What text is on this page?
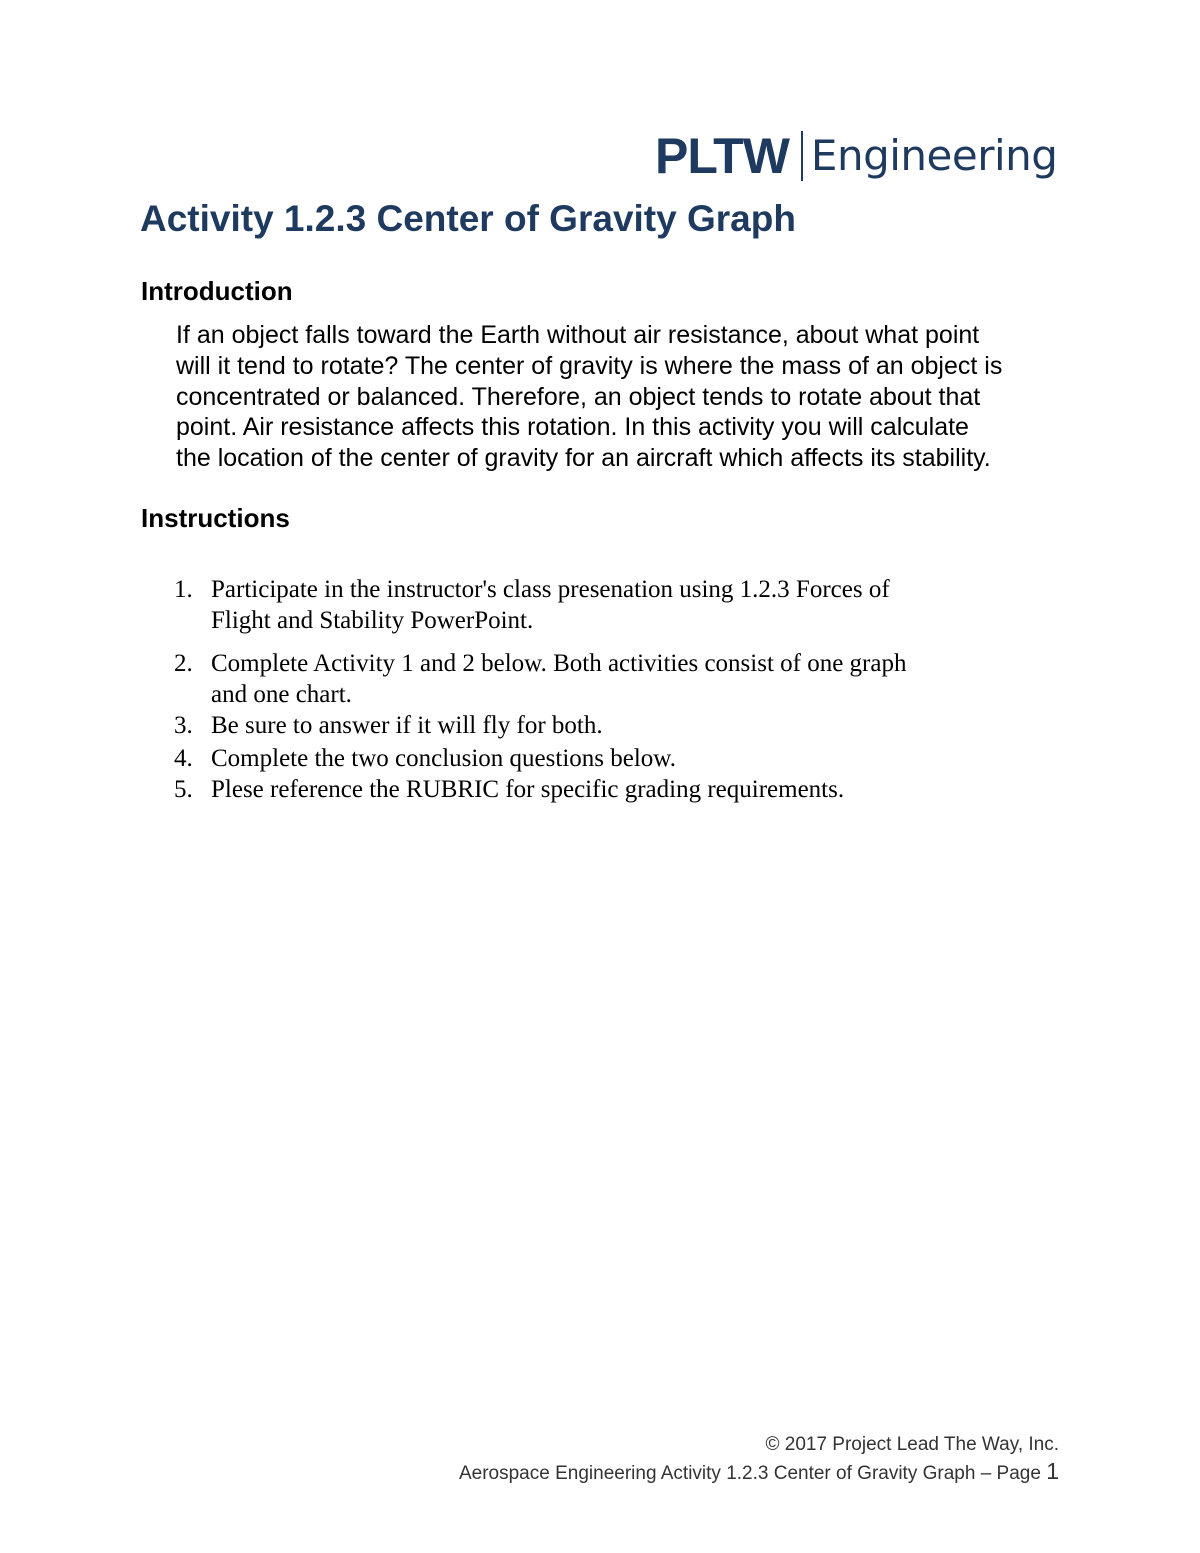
PLTW Engineering
Activity 1.2.3 Center of Gravity Graph
Introduction

If an object falls toward the Earth without air resistance, about what point
will it tend to rotate? The center of gravity is where the mass of an object is
concentrated or balanced. Therefore, an object tends to rotate about that
point. Air resistance affects this rotation. In this activity you will calculate
the location of the center of gravity for an aircraft which affects its stability.

Instructions
1. Participate in the instructor's class presenation using 1.2.3 Forces of
Flight and Stability PowerPoint.
2. Complete Activity 1 and 2 below. Both activities consist of one graph
and one chart.
3. Be sure to answer if it will fly for both.
4. Complete the two conclusion questions below.
5. Plese reference the RUBRIC for specific grading requirements.
© 2017 Project Lead The Way, Inc.
Aerospace Engineering Activity 1.2.3 Center of Gravity Graph – Page 1
